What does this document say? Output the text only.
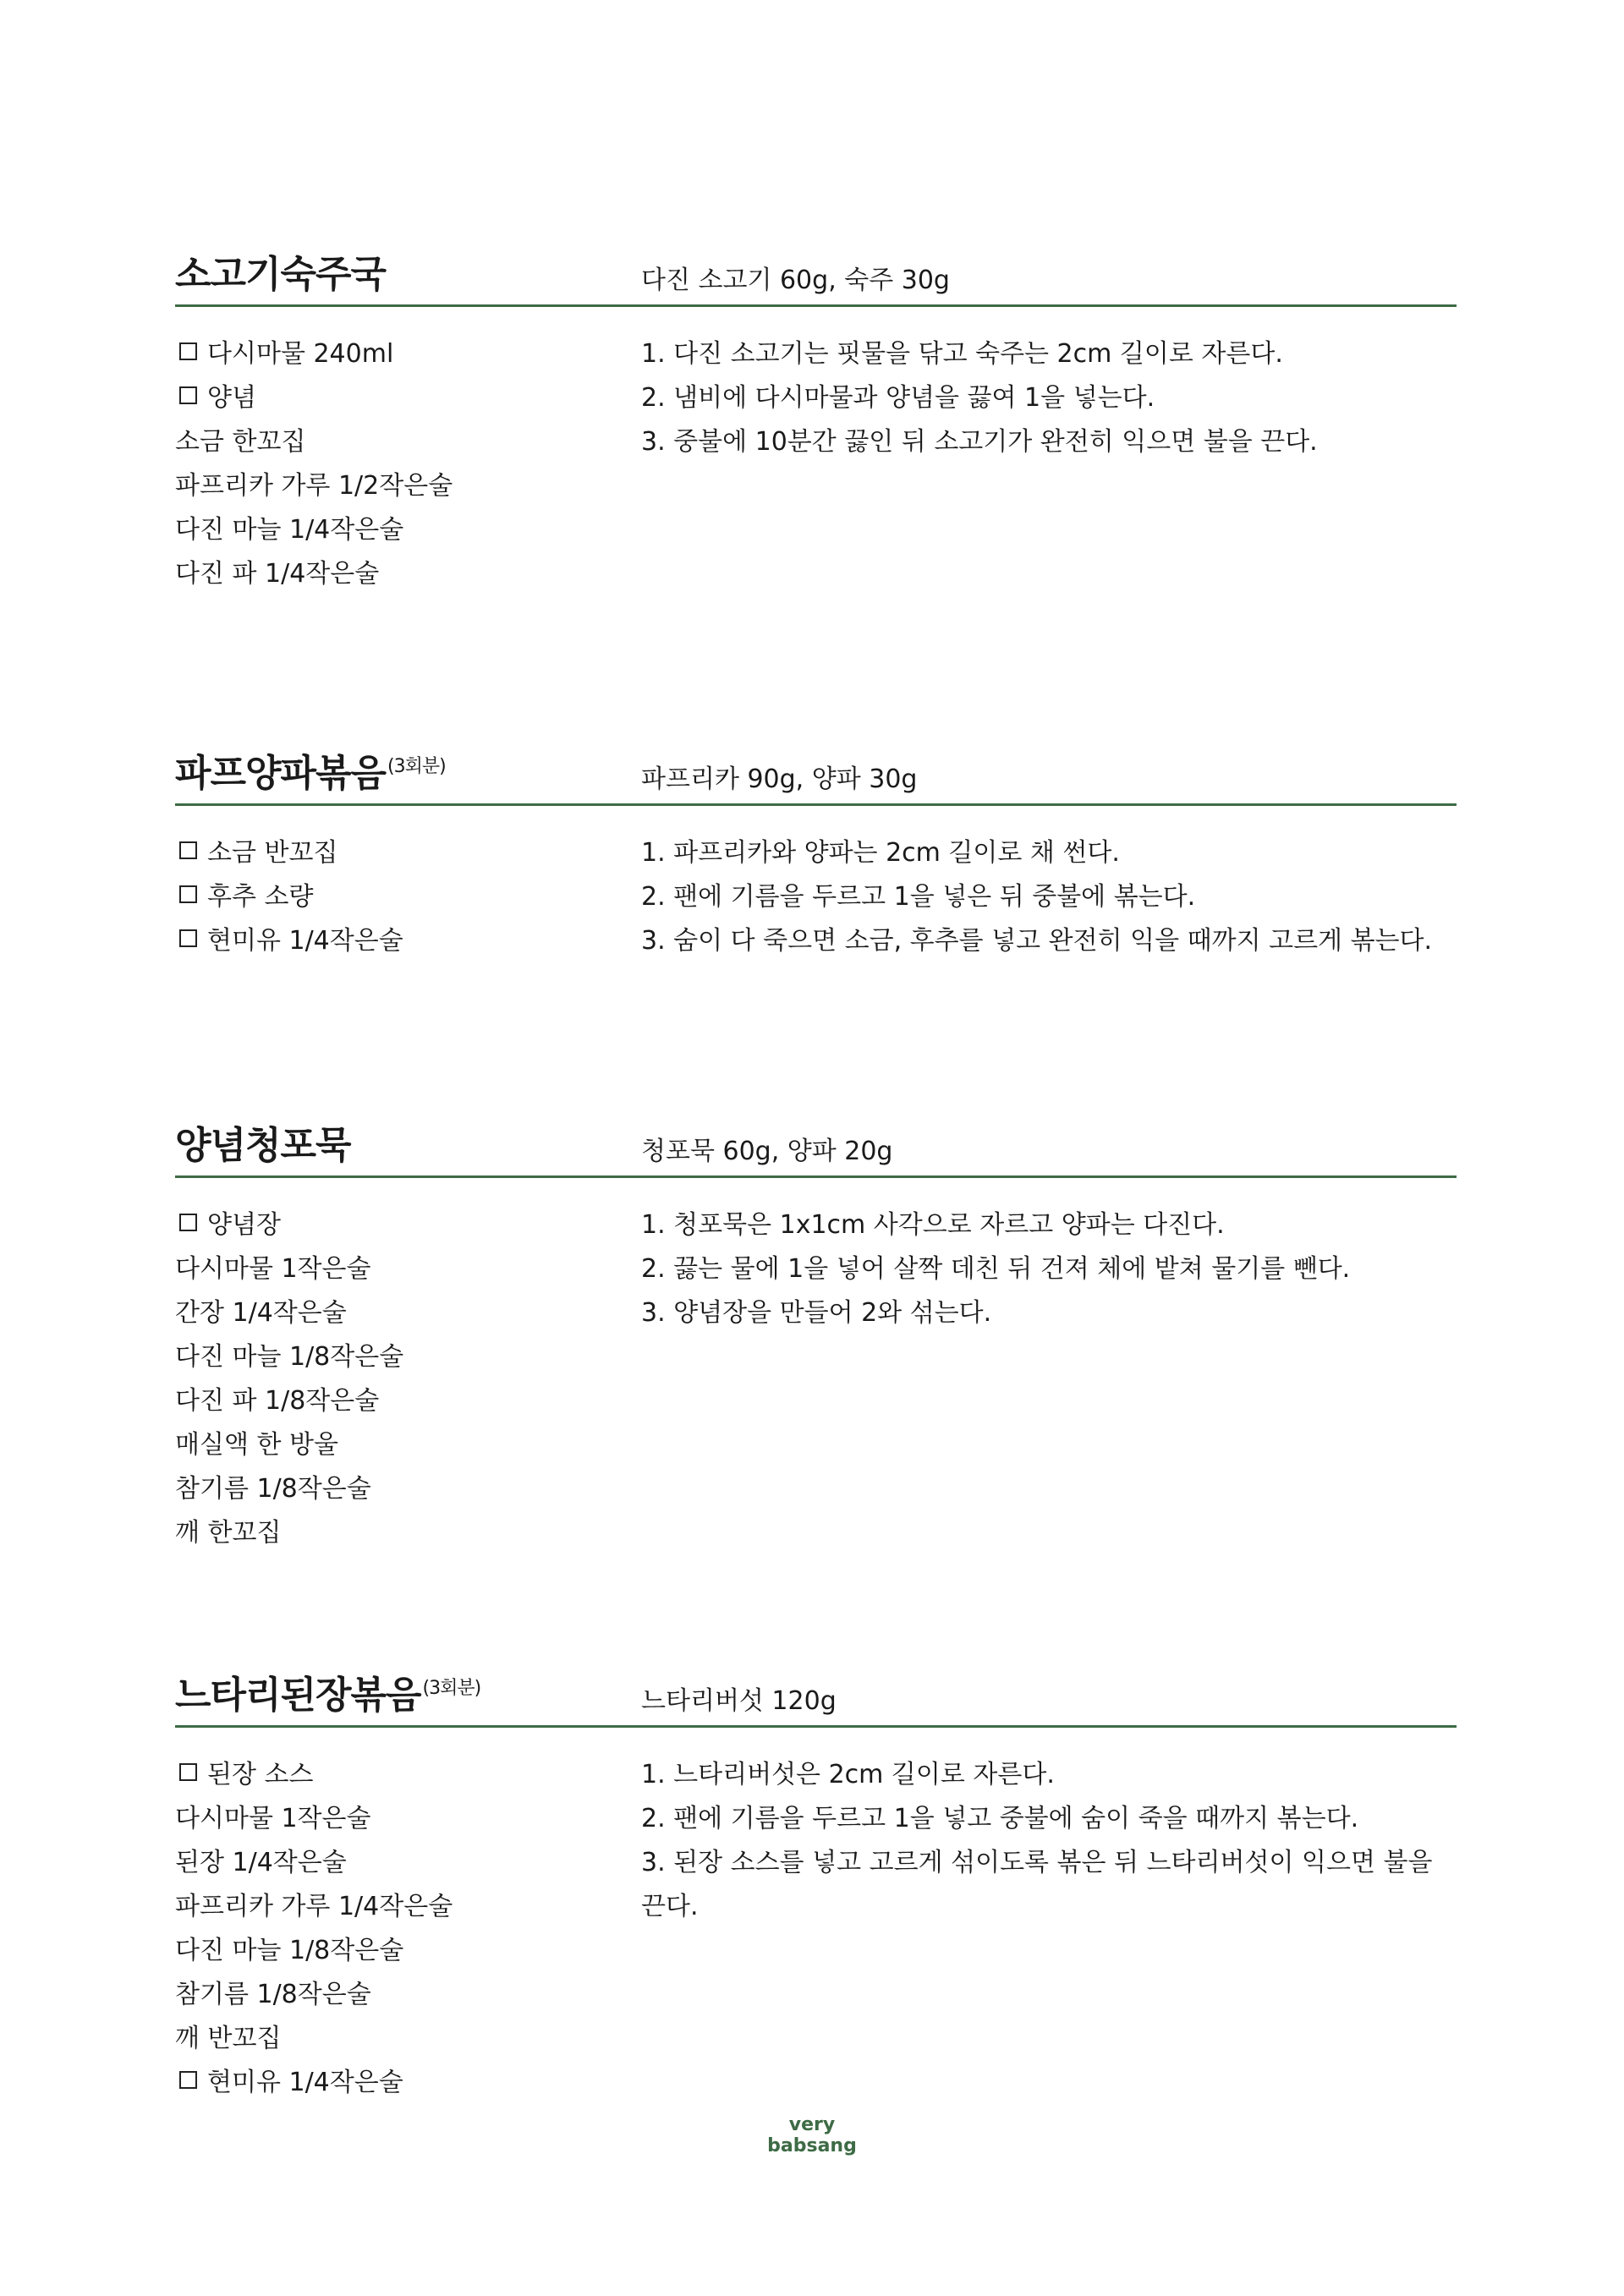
소고기숙주국	다진 소고기 60g, 숙주 30g
다시마물 240ml
양념
소금 한꼬집
파프리카 가루 1/2작은술
다진 마늘 1/4작은술
다진 파 1/4작은술
1. 다진 소고기는 핏물을 닦고 숙주는 2cm 길이로 자른다.
2. 냄비에 다시마물과 양념을 끓여 1을 넣는다.
3. 중불에 10분간 끓인 뒤 소고기가 완전히 익으면 불을 끈다.
파프양파볶음$^{(3회분)}$	파프리카 90g, 양파 30g
소금 반꼬집
후추 소량
현미유 1/4작은술
1. 파프리카와 양파는 2cm 길이로 채 썬다.
2. 팬에 기름을 두르고 1을 넣은 뒤 중불에 볶는다.
3. 숨이 다 죽으면 소금, 후추를 넣고 완전히 익을 때까지 고르게 볶는다.
양념청포묵	청포묵 60g, 양파 20g
양념장
다시마물 1작은술
간장 1/4작은술
다진 마늘 1/8작은술
다진 파 1/8작은술
매실액 한 방울
참기름 1/8작은술
깨 한꼬집
1. 청포묵은 1x1cm 사각으로 자르고 양파는 다진다.
2. 끓는 물에 1을 넣어 살짝 데친 뒤 건져 체에 밭쳐 물기를 뺀다.
3. 양념장을 만들어 2와 섞는다.
느타리된장볶음$^{(3회분)}$	느타리버섯 120g
된장 소스
다시마물 1작은술
된장 1/4작은술
파프리카 가루 1/4작은술
다진 마늘 1/8작은술
참기름 1/8작은술
깨 반꼬집
현미유 1/4작은술
1. 느타리버섯은 2cm 길이로 자른다.
2. 팬에 기름을 두르고 1을 넣고 중불에 숨이 죽을 때까지 볶는다.
3. 된장 소스를 넣고 고르게 섞이도록 볶은 뒤 느타리버섯이 익으면 불을 끈다.
very
babsang
